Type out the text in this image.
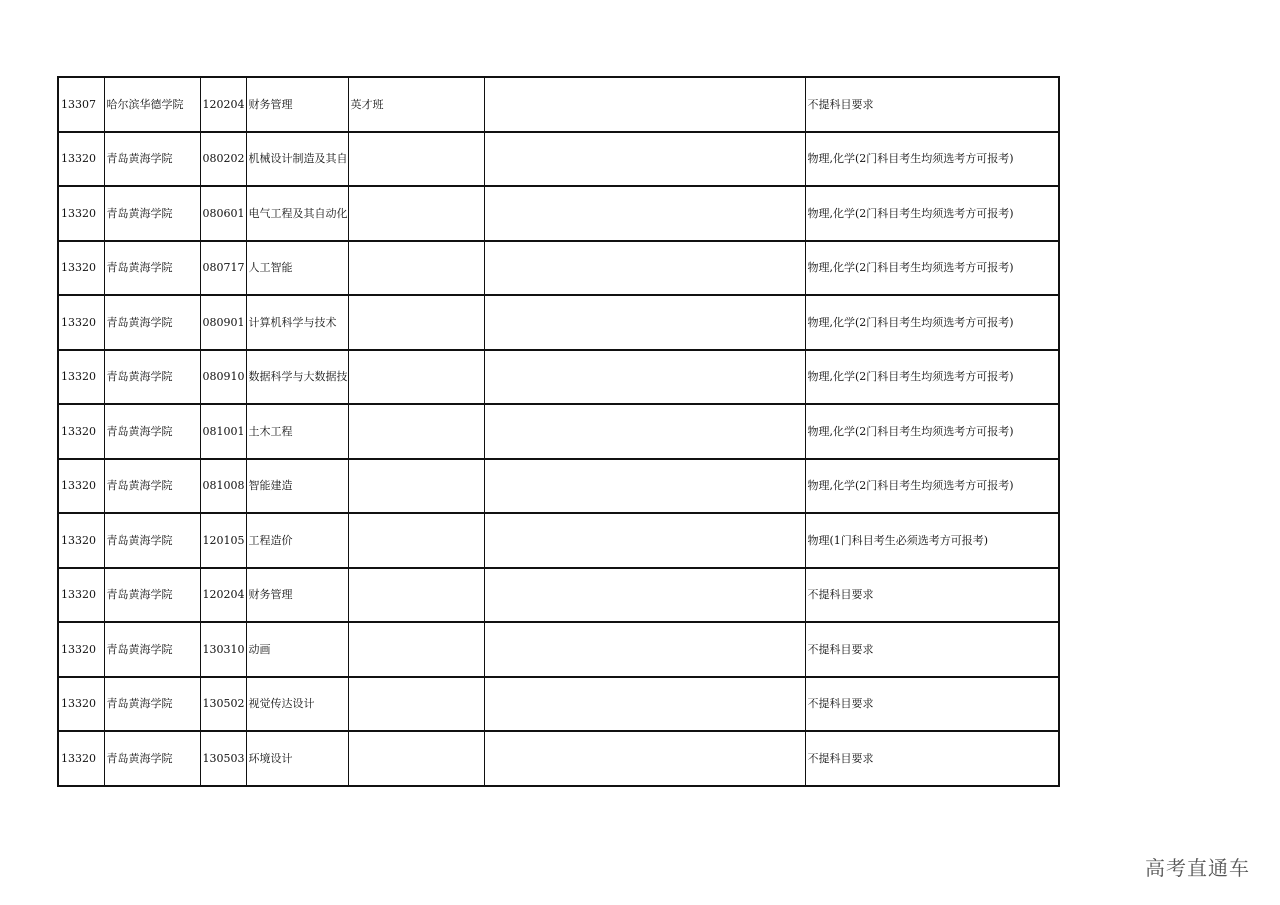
13307	哈尔滨华德学院	120204	财务管理	英才班		不提科目要求
13320	青岛黄海学院	080202	机械设计制造及其自			物理,化学(2门科目考生均须选考方可报考)
13320	青岛黄海学院	080601	电气工程及其自动化			物理,化学(2门科目考生均须选考方可报考)
13320	青岛黄海学院	080717	人工智能			物理,化学(2门科目考生均须选考方可报考)
13320	青岛黄海学院	080901	计算机科学与技术			物理,化学(2门科目考生均须选考方可报考)
13320	青岛黄海学院	080910	数据科学与大数据技			物理,化学(2门科目考生均须选考方可报考)
13320	青岛黄海学院	081001	土木工程			物理,化学(2门科目考生均须选考方可报考)
13320	青岛黄海学院	081008	智能建造			物理,化学(2门科目考生均须选考方可报考)
13320	青岛黄海学院	120105	工程造价			物理(1门科目考生必须选考方可报考)
13320	青岛黄海学院	120204	财务管理			不提科目要求
13320	青岛黄海学院	130310	动画			不提科目要求
13320	青岛黄海学院	130502	视觉传达设计			不提科目要求
13320	青岛黄海学院	130503	环境设计			不提科目要求
高考直通车
